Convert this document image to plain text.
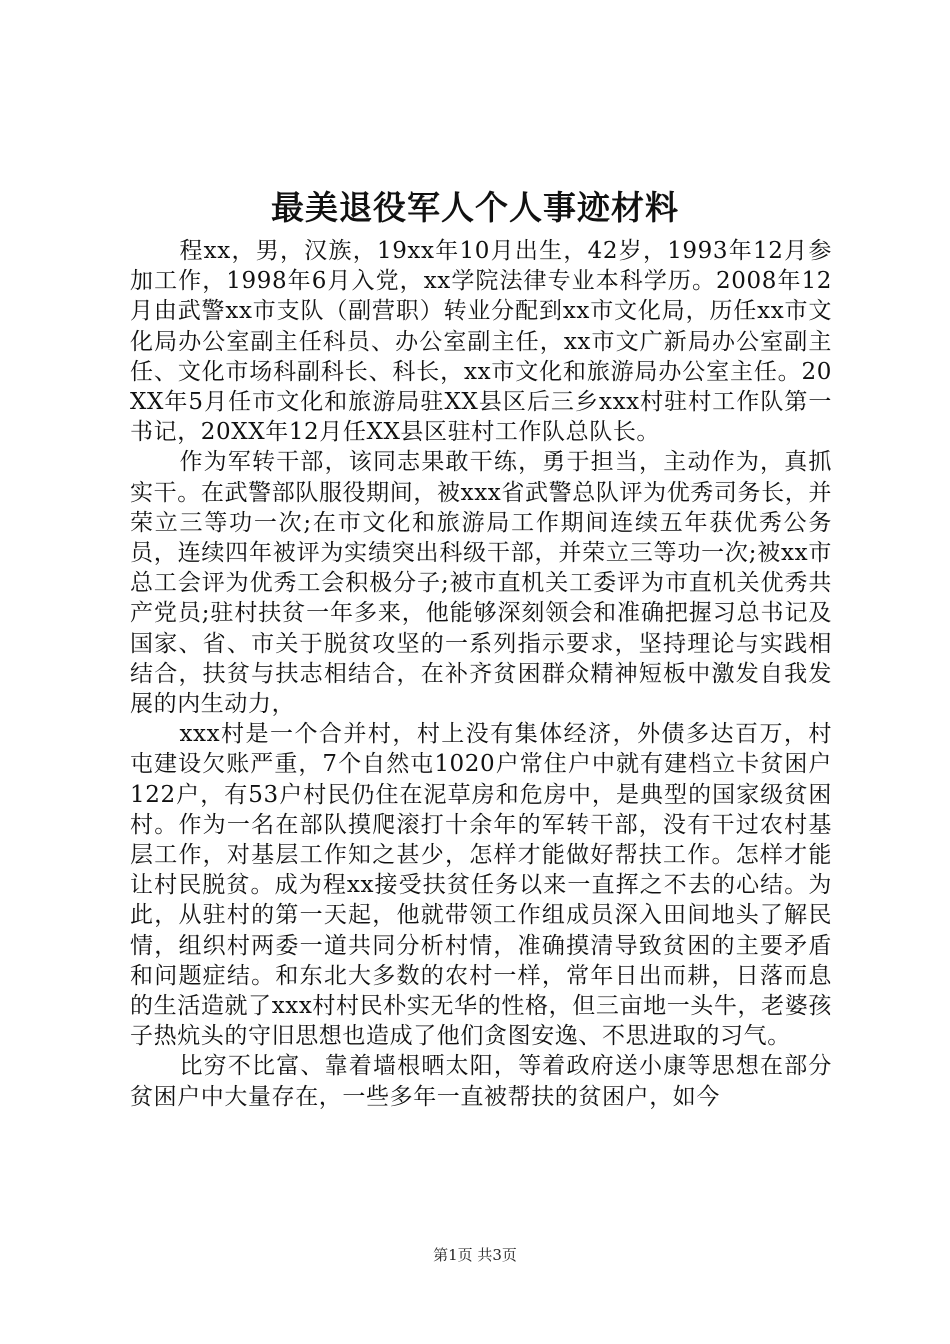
最美退役军人个人事迹材料

程xx，男，汉族，19xx年10月出生，42岁，1993年12月参加工作，1998年6月入党，xx学院法律专业本科学历。2008年12月由武警xx市支队（副营职）转业分配到xx市文化局，历任xx市文化局办公室副主任科员、办公室副主任，xx市文广新局办公室副主任、文化市场科副科长、科长，xx市文化和旅游局办公室主任。20XX年5月任市文化和旅游局驻XX县区后三乡xxx村驻村工作队第一书记，20XX年12月任XX县区驻村工作队总队长。

作为军转干部，该同志果敢干练，勇于担当，主动作为，真抓实干。在武警部队服役期间，被xxx省武警总队评为优秀司务长，并荣立三等功一次;在市文化和旅游局工作期间连续五年获优秀公务员，连续四年被评为实绩突出科级干部，并荣立三等功一次;被xx市总工会评为优秀工会积极分子;被市直机关工委评为市直机关优秀共产党员;驻村扶贫一年多来，他能够深刻领会和准确把握习总书记及国家、省、市关于脱贫攻坚的一系列指示要求，坚持理论与实践相结合，扶贫与扶志相结合，在补齐贫困群众精神短板中激发自我发展的内生动力，

xxx村是一个合并村，村上没有集体经济，外债多达百万，村屯建设欠账严重，7个自然屯1020户常住户中就有建档立卡贫困户122户，有53户村民仍住在泥草房和危房中，是典型的国家级贫困村。作为一名在部队摸爬滚打十余年的军转干部，没有干过农村基层工作，对基层工作知之甚少，怎样才能做好帮扶工作。怎样才能让村民脱贫。成为程xx接受扶贫任务以来一直挥之不去的心结。为此，从驻村的第一天起，他就带领工作组成员深入田间地头了解民情，组织村两委一道共同分析村情，准确摸清导致贫困的主要矛盾和问题症结。和东北大多数的农村一样，常年日出而耕，日落而息的生活造就了xxx村村民朴实无华的性格，但三亩地一头牛，老婆孩子热炕头的守旧思想也造成了他们贪图安逸、不思进取的习气。

比穷不比富、靠着墙根晒太阳，等着政府送小康等思想在部分贫困户中大量存在，一些多年一直被帮扶的贫困户，如今

第1页 共3页
